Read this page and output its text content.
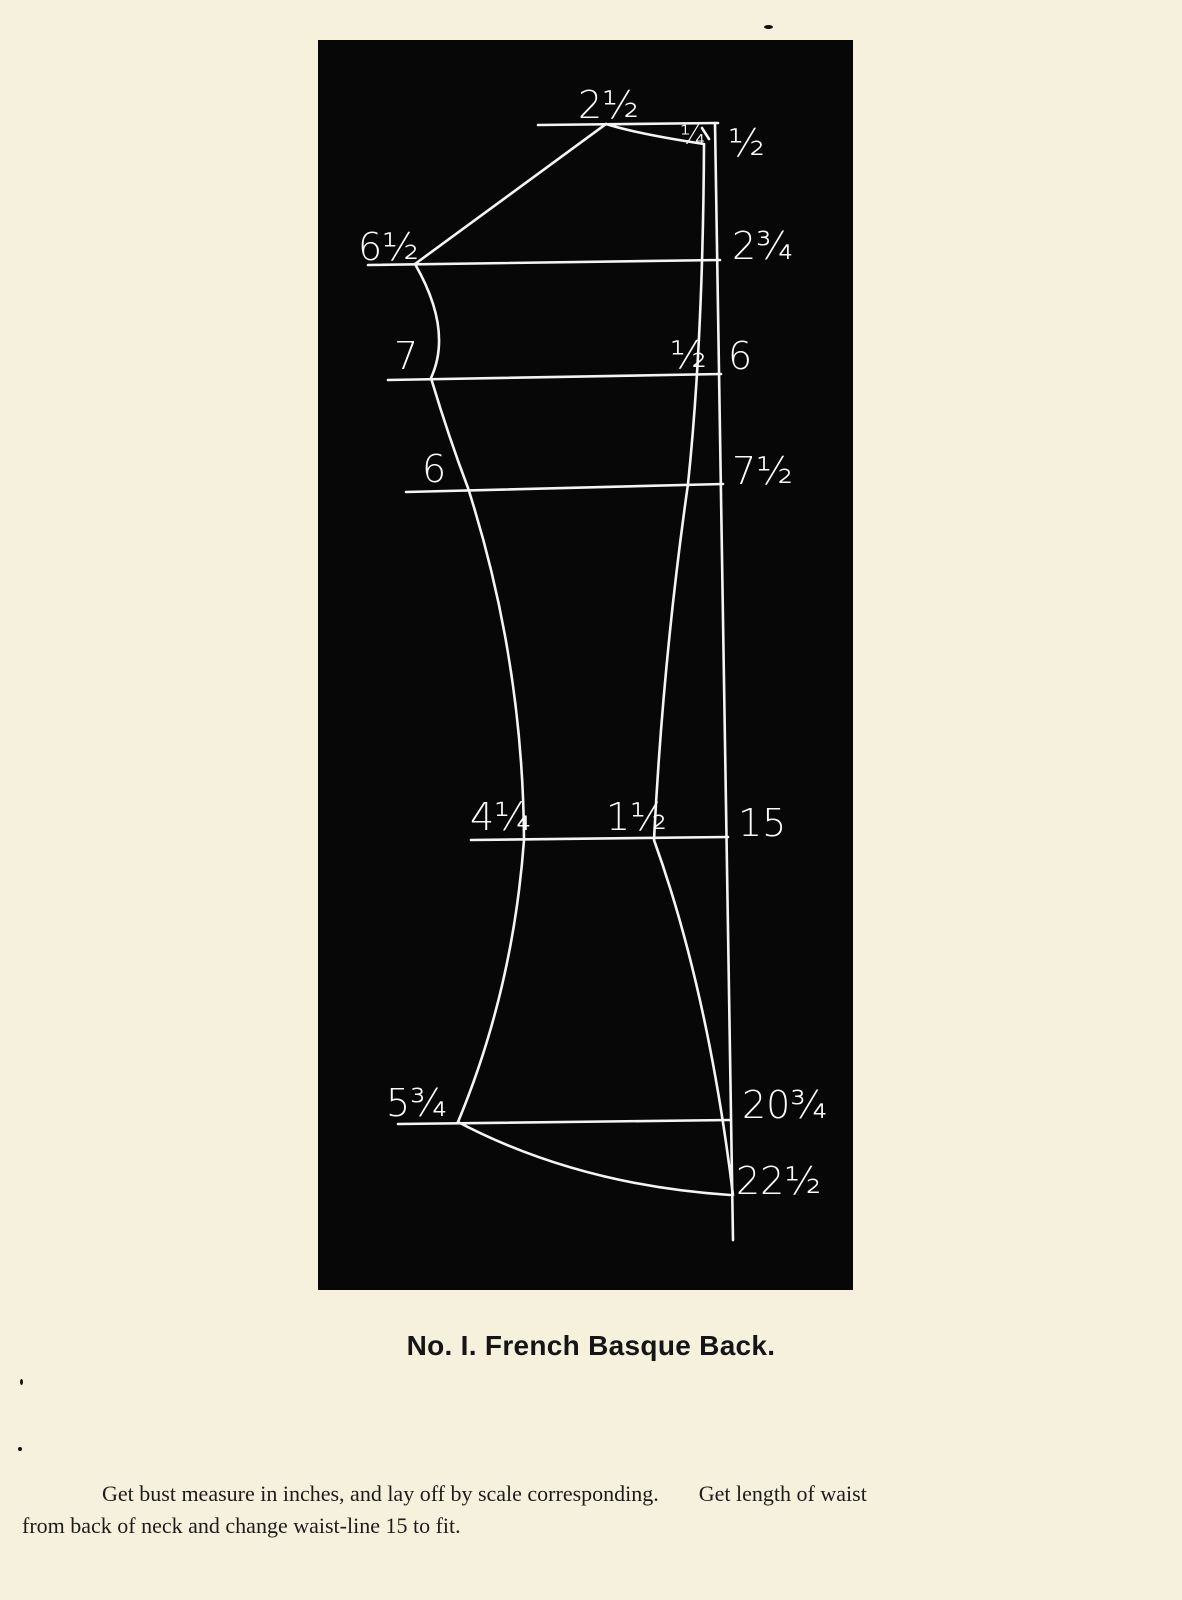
2½
¼ ½
6½	2¾
7	½ 6
6	7½
4¼ 1½ 15
5¾	20¾
22½
No. I. French Basque Back.

Get bust measure in inches, and lay off by scale corresponding. Get length of waist
from back of neck and change waist-line 15 to fit.
